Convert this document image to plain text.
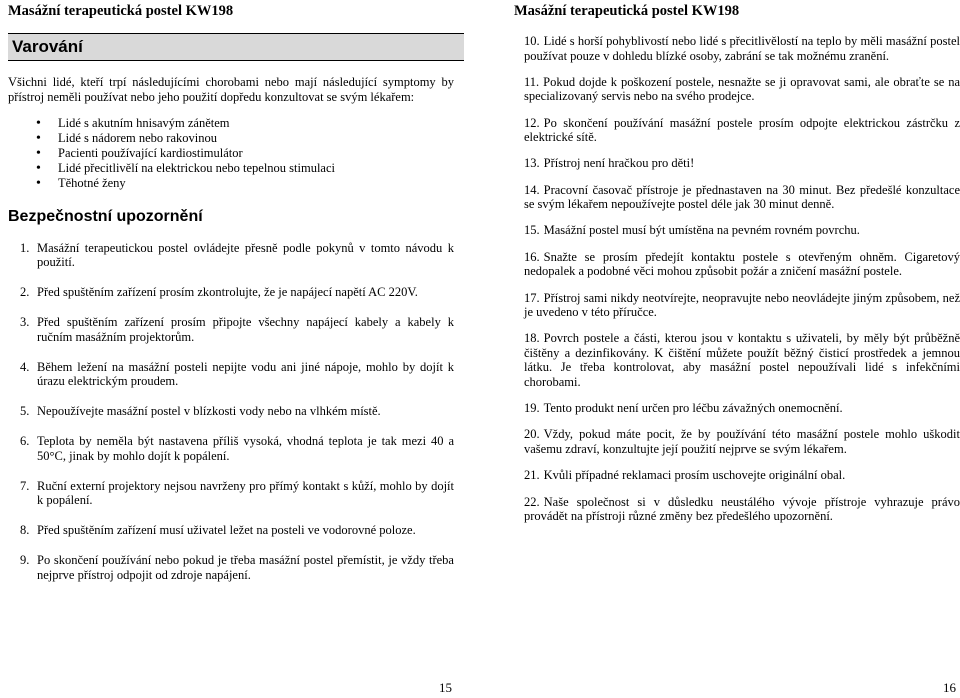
Masážní terapeutická postel KW198
Varování

Všichni lidé, kteří trpí následujícími chorobami nebo mají následující symptomy by přístroj neměli používat nebo jeho použití dopředu konzultovat se svým lékařem:

• Lidé s akutním hnisavým zánětem
• Lidé s nádorem nebo rakovinou
• Pacienti používající kardiostimulátor
• Lidé přecitlivělí na elektrickou nebo tepelnou stimulaci
• Těhotné ženy
Bezpečnostní upozornění
1. Masážní terapeutickou postel ovládejte přesně podle pokynů v tomto návodu k použití.
2. Před spuštěním zařízení prosím zkontrolujte, že je napájecí napětí AC 220V.
3. Před spuštěním zařízení prosím připojte všechny napájecí kabely a kabely k ručním masážním projektorům.
4. Během ležení na masážní posteli nepijte vodu ani jiné nápoje, mohlo by dojít k úrazu elektrickým proudem.
5. Nepoužívejte masážní postel v blízkosti vody nebo na vlhkém místě.
6. Teplota by neměla být nastavena příliš vysoká, vhodná teplota je tak mezi 40 a 50°C, jinak by mohlo dojít k popálení.
7. Ruční externí projektory nejsou navrženy pro přímý kontakt s kůží, mohlo by dojít k popálení.
8. Před spuštěním zařízení musí uživatel ležet na posteli ve vodorovné poloze.
9. Po skončení používání nebo pokud je třeba masážní postel přemístit, je vždy třeba nejprve přístroj odpojit od zdroje napájení.
15
Masážní terapeutická postel KW198
10. Lidé s horší pohyblivostí nebo lidé s přecitlivělostí na teplo by měli masážní postel používat pouze v dohledu blízké osoby, zabrání se tak možnému zranění.
11. Pokud dojde k poškození postele, nesnažte se ji opravovat sami, ale obraťte se na specializovaný servis nebo na svého prodejce.
12. Po skončení používání masážní postele prosím odpojte elektrickou zástrčku z elektrické sítě.
13. Přístroj není hračkou pro děti!
14. Pracovní časovač přístroje je přednastaven na 30 minut. Bez předešlé konzultace se svým lékařem nepoužívejte postel déle jak 30 minut denně.
15. Masážní postel musí být umístěna na pevném rovném povrchu.
16. Snažte se prosím předejít kontaktu postele s otevřeným ohněm. Cigaretový nedopalek a podobné věci mohou způsobit požár a zničení masážní postele.
17. Přístroj sami nikdy neotvírejte, neopravujte nebo neovládejte jiným způsobem, než je uvedeno v této příručce.
18. Povrch postele a části, kterou jsou v kontaktu s uživateli, by měly být průběžně čištěny a dezinfikovány. K čištění můžete použít běžný čisticí prostředek a jemnou látku. Je třeba kontrolovat, aby masážní postel nepoužívali lidé s infekčními chorobami.
19. Tento produkt není určen pro léčbu závažných onemocnění.
20. Vždy, pokud máte pocit, že by používání této masážní postele mohlo uškodit vašemu zdraví, konzultujte její použití nejprve se svým lékařem.
21. Kvůli případné reklamaci prosím uschovejte originální obal.
22. Naše společnost si v důsledku neustálého vývoje přístroje vyhrazuje právo provádět na přístroji různé změny bez předešlého upozornění.
16
